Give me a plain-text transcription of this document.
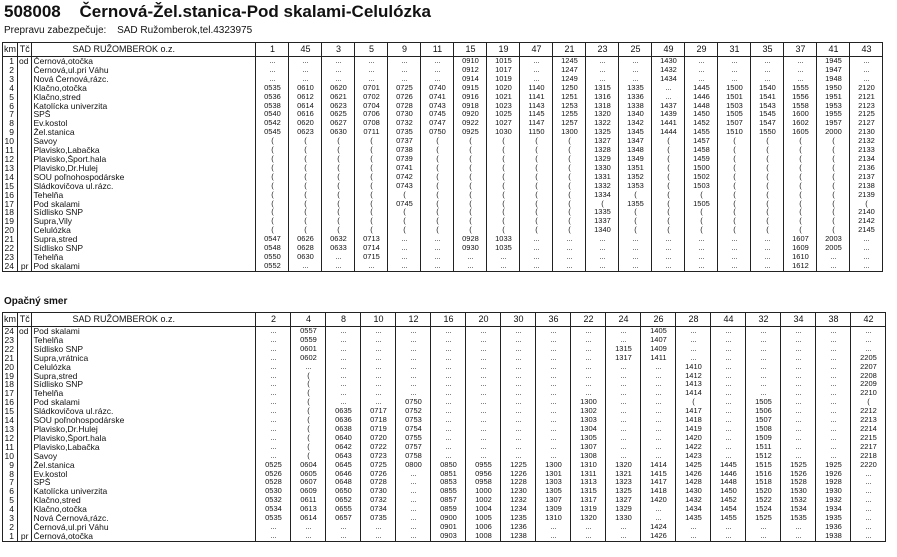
508008 Černová-Žel.stanica-Pod skalami-Celulózka
Prepravu zabezpečuje: SAD Ružomberok,tel.4323975
km	Tč	SAD RUŽOMBEROK o.z.	1	45	3	5	9	11	15	19	47	21	23	25	49	29	31	35	37	41	43
1	od	Černová,otočka	...	...	...	...	...	...	0910	1015	...	1245	...	...	1430	...	...	...	...	1945	...
2		Černová,ul.pri Váhu	...	...	...	...	...	...	0912	1017	...	1247	...	...	1432	...	...	...	...	1947	...
3		Nová Černová,rázc.	...	...	...	...	...	...	0914	1019	...	1249	...	...	1434	...	...	...	...	1948	...
4		Klačno,otočka	0535	0610	0620	0701	0725	0740	0915	1020	1140	1250	1315	1335	...	1445	1500	1540	1555	1950	2120
5		Klačno,stred	0536	0612	0621	0702	0726	0741	0916	1021	1141	1251	1316	1336	...	1446	1501	1541	1556	1951	2121
6		Katolícka univerzita	0538	0614	0623	0704	0728	0743	0918	1023	1143	1253	1318	1338	1437	1448	1503	1543	1558	1953	2123
7		SPŠ	0540	0616	0625	0706	0730	0745	0920	1025	1145	1255	1320	1340	1439	1450	1505	1545	1600	1955	2125
8		Ev.kostol	0542	0620	0627	0708	0732	0747	0922	1027	1147	1257	1322	1342	1441	1452	1507	1547	1602	1957	2127
9		Žel.stanica	0545	0623	0630	0711	0735	0750	0925	1030	1150	1300	1325	1345	1444	1455	1510	1550	1605	2000	2130
10		Savoy	(	(	(	(	0737	(	(	(	(	(	1327	1347	(	1457	(	(	(	(	2132
11		Plavisko,Labačka	(	(	(	(	0738	(	(	(	(	(	1328	1348	(	1458	(	(	(	(	2133
12		Plavisko,Šport.hala	(	(	(	(	0739	(	(	(	(	(	1329	1349	(	1459	(	(	(	(	2134
13		Plavisko,Dr.Hulej	(	(	(	(	0741	(	(	(	(	(	1330	1351	(	1500	(	(	(	(	2136
14		SOU poľnohospodárske	(	(	(	(	0742	(	(	(	(	(	1331	1352	(	1502	(	(	(	(	2137
15		Sládkovičova ul.rázc.	(	(	(	(	0743	(	(	(	(	(	1332	1353	(	1503	(	(	(	(	2138
16		Tehelňa	(	(	(	(	(	(	(	(	(	(	1334	(	(	(	(	(	(	(	2139
17		Pod skalami	(	(	(	(	0745	(	(	(	(	(	(	1355	(	1505	(	(	(	(	(
18		Sídlisko SNP	(	(	(	(	(	(	(	(	(	(	1335	(	(	(	(	(	(	(	2140
19		Supra,Vily	(	(	(	(	(	(	(	(	(	(	1337	(	(	(	(	(	(	(	2142
20		Celulózka	(	(	(	(	(	(	(	(	(	(	1340	(	(	(	(	(	(	(	2145
21		Supra,stred	0547	0626	0632	0713	...	...	0928	1033	...	...	...	...	...	...	...	...	1607	2003	...
22		Sídlisko SNP	0548	0628	0633	0714	...	...	0930	1035	...	...	...	...	...	...	...	...	1609	2005	...
23		Tehelňa	0550	0630	...	0715	...	...	...	...	...	...	...	...	...	...	...	...	1610	...	...
24	pr	Pod skalami	0552	...	...	...	...	...	...	...	...	...	...	...	...	...	...	...	1612	...	...
Opačný smer
km	Tč	SAD RUŽOMBEROK o.z.	2	4	8	10	12	16	20	30	36	22	24	26	28	44	32	34	38	42
24	od	Pod skalami	...	0557	...	...	...	...	...	...	...	...	...	1405	...	...	...	...	...	...
23		Tehelňa	...	0559	...	...	...	...	...	...	...	...	...	1407	...	...	...	...	...	...
22		Sídlisko SNP	...	0601	...	...	...	...	...	...	...	...	1315	1409	...	...	...	...	...	...
21		Supra,vrátnica	...	0602	...	...	...	...	...	...	...	...	1317	1411	...	...	...	...	...	2205
20		Celulózka	...	...	...	...	...	...	...	...	...	...	...	...	1410	...	...	...	...	2207
19		Supra,stred	...	(	...	...	...	...	...	...	...	...	...	...	1412	...	...	...	...	2208
18		Sídlisko SNP	...	(	...	...	...	...	...	...	...	...	...	...	1413	...	...	...	...	2209
17		Tehelňa	...	(	...	...	...	...	...	...	...	...	...	...	1414	...	...	...	...	2210
16		Pod skalami	...	(	...	...	0750	...	...	...	...	1300	...	...	(	...	1505	...	...	(
15		Sládkovičova ul.rázc.	...	(	0635	0717	0752	...	...	...	...	1302	...	...	1417	...	1506	...	...	2212
14		SOU poľnohospodárske	...	(	0636	0718	0753	...	...	...	...	1303	...	...	1418	...	1507	...	...	2213
13		Plavisko,Dr.Hulej	...	(	0638	0719	0754	...	...	...	...	1304	...	...	1419	...	1508	...	...	2214
12		Plavisko,Šport.hala	...	(	0640	0720	0755	...	...	...	...	1305	...	...	1420	...	1509	...	...	2215
11		Plavisko,Labačka	...	(	0642	0722	0757	...	...	...	...	1307	...	...	1422	...	1511	...	...	2217
10		Savoy	...	(	0643	0723	0758	...	...	...	...	1308	...	...	1423	...	1512	...	...	2218
9		Žel.stanica	0525	0604	0645	0725	0800	0850	0955	1225	1300	1310	1320	1414	1425	1445	1515	1525	1925	2220
8		Ev.kostol	0526	0605	0646	0726	...	0851	0956	1226	1301	1311	1321	1415	1426	1446	1516	1526	1926	...
7		SPŠ	0528	0607	0648	0728	...	0853	0958	1228	1303	1313	1323	1417	1428	1448	1518	1528	1928	...
6		Katolícka univerzita	0530	0609	0650	0730	...	0855	1000	1230	1305	1315	1325	1418	1430	1450	1520	1530	1930	...
5		Klačno,stred	0532	0611	0652	0732	...	0857	1002	1232	1307	1317	1327	1420	1432	1452	1522	1532	1932	...
4		Klačno,otočka	0534	0613	0655	0734	...	0859	1004	1234	1309	1319	1329	...	1434	1454	1524	1534	1934	...
3		Nová Černová,rázc.	0535	0614	0657	0735	...	0900	1005	1235	1310	1320	1330	...	1435	1455	1525	1535	1935	...
2		Černová,ul.pri Váhu	...	...	...	...	...	0901	1006	1236	...	...	...	1424	...	...	...	...	1936	...
1	pr	Černová,otočka	...	...	...	...	...	0903	1008	1238	...	...	...	1426	...	...	...	...	1938	...
